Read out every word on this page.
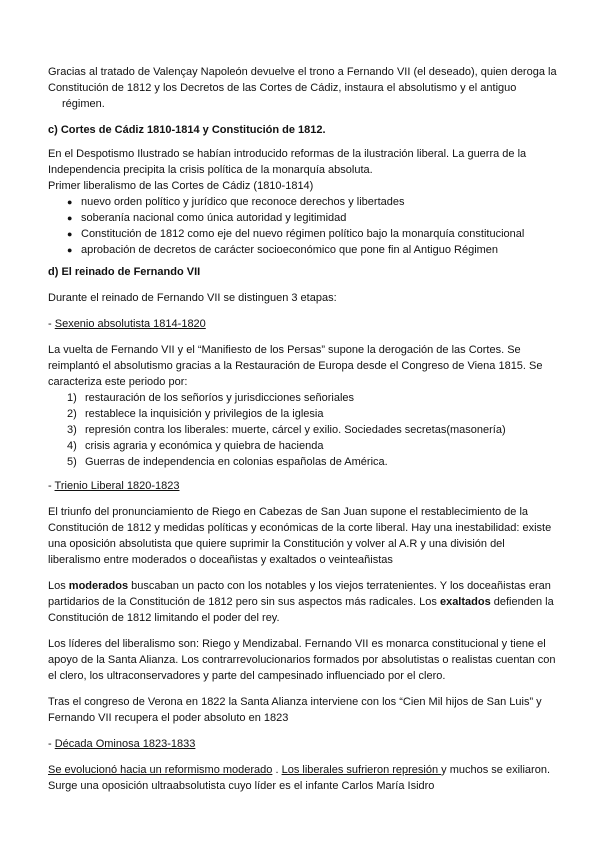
Gracias al tratado de Valençay Napoleón devuelve el trono a Fernando VII (el deseado), quien deroga la Constitución de 1812 y los Decretos de las Cortes de Cádiz, instaura el absolutismo y el antiguo

régimen.

c) Cortes de Cádiz 1810-1814 y Constitución de 1812.

En el Despotismo Ilustrado se habían introducido reformas de la ilustración liberal. La guerra de la Independencia precipita la crisis política de la monarquía absoluta.

Primer liberalismo de las Cortes de Cádiz (1810-1814)

● nuevo orden político y jurídico que reconoce derechos y libertades
● soberanía nacional como única autoridad y legitimidad
● Constitución de 1812 como eje del nuevo régimen político bajo la monarquía constitucional
● aprobación de decretos de carácter socioeconómico que pone fin al Antiguo Régimen

d) El reinado de Fernando VII

Durante el reinado de Fernando VII se distinguen 3 etapas:

- Sexenio absolutista 1814-1820

La vuelta de Fernando VII y el “Manifiesto de los Persas” supone la derogación de las Cortes. Se reimplantó el absolutismo gracias a la Restauración de Europa desde el Congreso de Viena 1815. Se caracteriza este periodo por:

1) restauración de los señoríos y jurisdicciones señoriales
2) restablece la inquisición y privilegios de la iglesia
3) represión contra los liberales: muerte, cárcel y exilio. Sociedades secretas(masonería)
4) crisis agraria y económica y quiebra de hacienda
5) Guerras de independencia en colonias españolas de América.

- Trienio Liberal 1820-1823

El triunfo del pronunciamiento de Riego en Cabezas de San Juan supone el restablecimiento de la Constitución de 1812 y medidas políticas y económicas de la corte liberal. Hay una inestabilidad: existe una oposición absolutista que quiere suprimir la Constitución y volver al A.R y una división del liberalismo entre moderados o doceañistas y exaltados o veinteañistas

Los moderados buscaban un pacto con los notables y los viejos terratenientes. Y los doceañistas eran partidarios de la Constitución de 1812 pero sin sus aspectos más radicales. Los exaltados defienden la Constitución de 1812 limitando el poder del rey.

Los líderes del liberalismo son: Riego y Mendizabal. Fernando VII es monarca constitucional y tiene el apoyo de la Santa Alianza. Los contrarrevolucionarios formados por absolutistas o realistas cuentan con el clero, los ultraconservadores y parte del campesinado influenciado por el clero.

Tras el congreso de Verona en 1822 la Santa Alianza interviene con los “Cien Mil hijos de San Luis” y Fernando VII recupera el poder absoluto en 1823

- Década Ominosa 1823-1833

Se evolucionó hacia un reformismo moderado . Los liberales sufrieron represión y muchos se exiliaron.

Surge una oposición ultraabsolutista cuyo líder es el infante Carlos María Isidro
